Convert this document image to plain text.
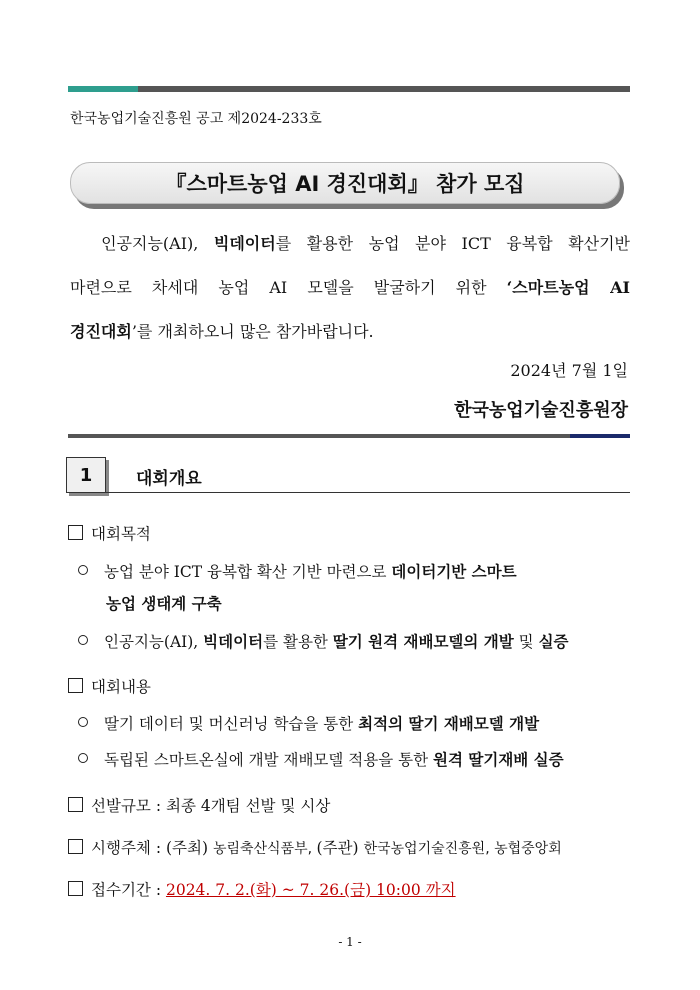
한국농업기술진흥원 공고 제2024-233호
『스마트농업 AI 경진대회』 참가 모집

인공지능(AI), 빅데이터를 활용한 농업 분야 ICT 융복합 확산기반

마련으로 차세대 농업 AI 모델을 발굴하기 위한 ‘스마트농업 AI

경진대회’를 개최하오니 많은 참가바랍니다.

2024년 7월 1일
한국농업기술진흥원장
1	대회개요
대회목적
농업 분야 ICT 융복합 확산 기반 마련으로 데이터기반 스마트
농업 생태계 구축
인공지능(AI), 빅데이터를 활용한 딸기 원격 재배모델의 개발 및 실증
대회내용
딸기 데이터 및 머신러닝 학습을 통한 최적의 딸기 재배모델 개발
독립된 스마트온실에 개발 재배모델 적용을 통한 원격 딸기재배 실증
선발규모 : 최종 4개팀 선발 및 시상
시행주체 : (주최) 농림축산식품부, (주관) 한국농업기술진흥원, 농협중앙회
접수기간 : 2024. 7. 2.(화) ~ 7. 26.(금) 10:00 까지
- 1 -
